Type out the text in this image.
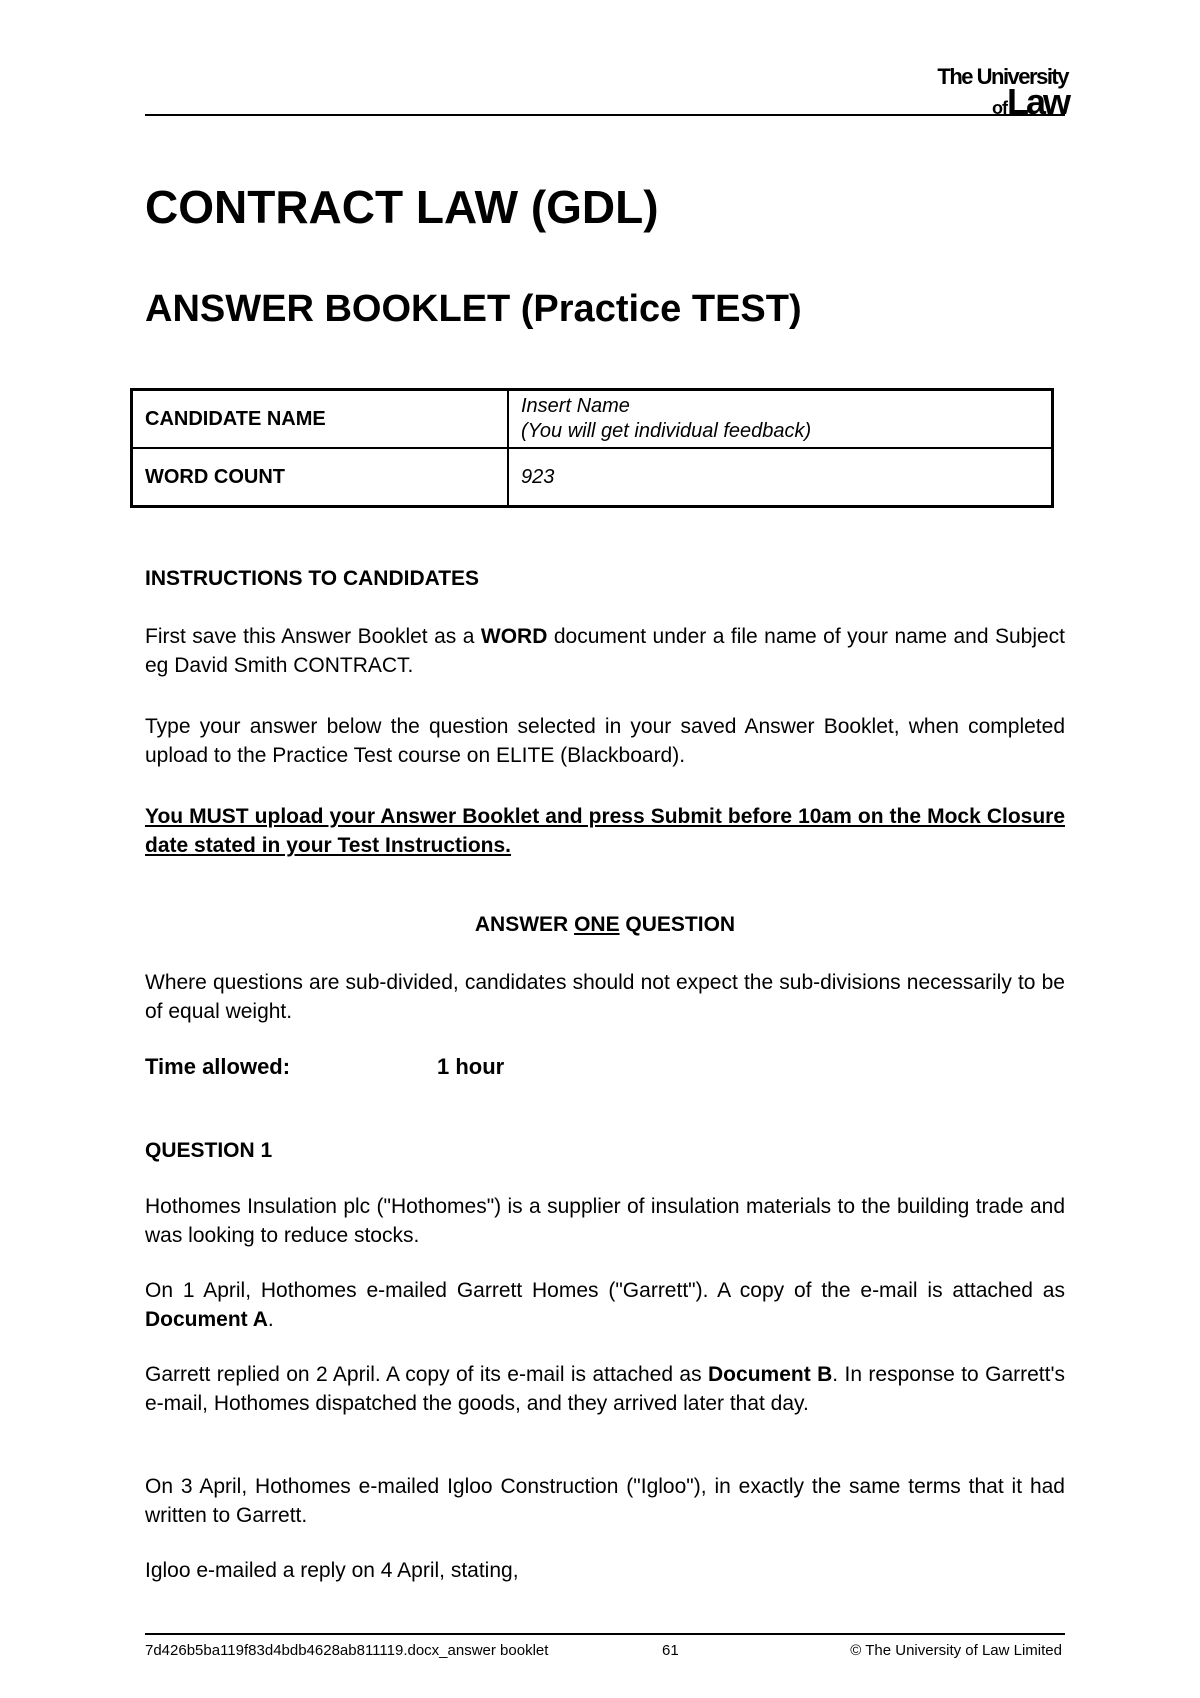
The University
ofLaw
CONTRACT LAW (GDL)
ANSWER BOOKLET (Practice TEST)
CANDIDATE NAME	Insert Name
(You will get individual feedback)
WORD COUNT	923

INSTRUCTIONS TO CANDIDATES

First save this Answer Booklet as a WORD document under a file name of your name and Subject eg David Smith CONTRACT.

Type your answer below the question selected in your saved Answer Booklet, when completed upload to the Practice Test course on ELITE (Blackboard).

You MUST upload your Answer Booklet and press Submit before 10am on the Mock Closure date stated in your Test Instructions.

ANSWER ONE QUESTION

Where questions are sub-divided, candidates should not expect the sub-divisions necessarily to be of equal weight.

Time allowed:	1 hour

QUESTION 1

Hothomes Insulation plc ("Hothomes") is a supplier of insulation materials to the building trade and was looking to reduce stocks.

On 1 April, Hothomes e-mailed Garrett Homes ("Garrett"). A copy of the e-mail is attached as Document A.

Garrett replied on 2 April. A copy of its e-mail is attached as Document B. In response to Garrett's e-mail, Hothomes dispatched the goods, and they arrived later that day.

On 3 April, Hothomes e-mailed Igloo Construction ("Igloo"), in exactly the same terms that it had written to Garrett.

Igloo e-mailed a reply on 4 April, stating,

7d426b5ba119f83d4bdb4628ab811119.docx_answer booklet	61	© The University of Law Limited
